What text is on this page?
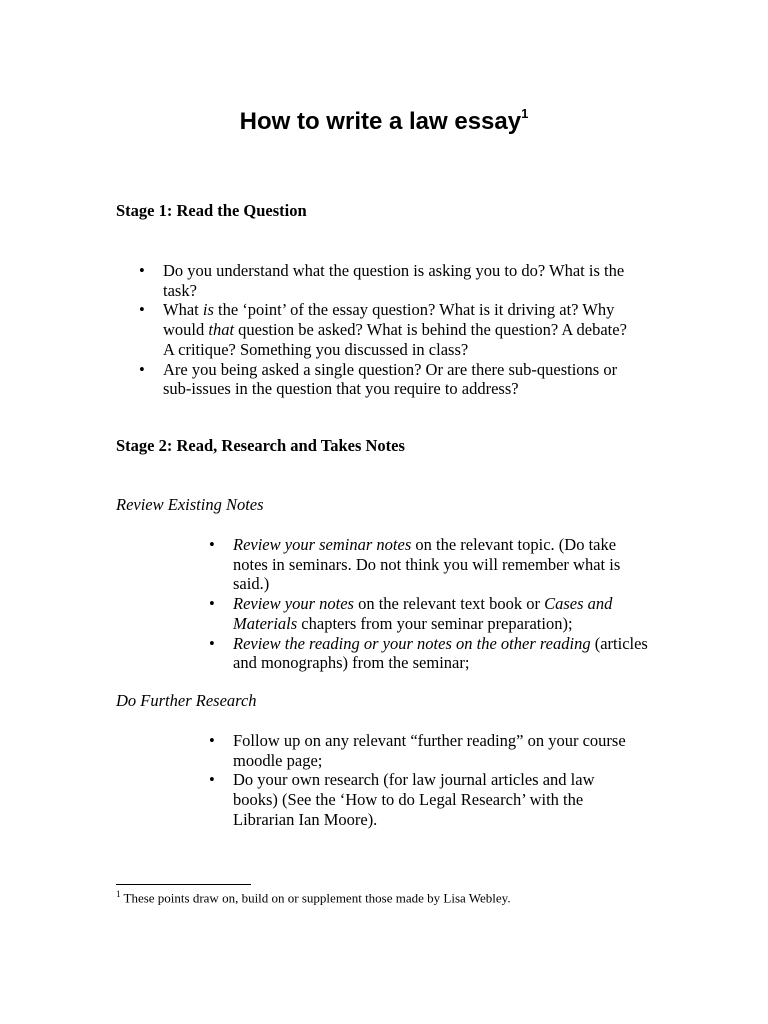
How to write a law essay$^1$

Stage 1: Read the Question

•	Do you understand what the question is asking you to do? What is the task?
•	What is the ‘point’ of the essay question? What is it driving at? Why would that question be asked? What is behind the question? A debate? A critique? Something you discussed in class?
•	Are you being asked a single question? Or are there sub-questions or sub-issues in the question that you require to address?

Stage 2: Read, Research and Takes Notes

Review Existing Notes

•	Review your seminar notes on the relevant topic. (Do take notes in seminars. Do not think you will remember what is said.)
•	Review your notes on the relevant text book or Cases and Materials chapters from your seminar preparation);
•	Review the reading or your notes on the other reading (articles and monographs) from the seminar;

Do Further Research

•	Follow up on any relevant “further reading” on your course moodle page;
•	Do your own research (for law journal articles and law books) (See the ‘How to do Legal Research’ with the Librarian Ian Moore).

$^1$ These points draw on, build on or supplement those made by Lisa Webley.
